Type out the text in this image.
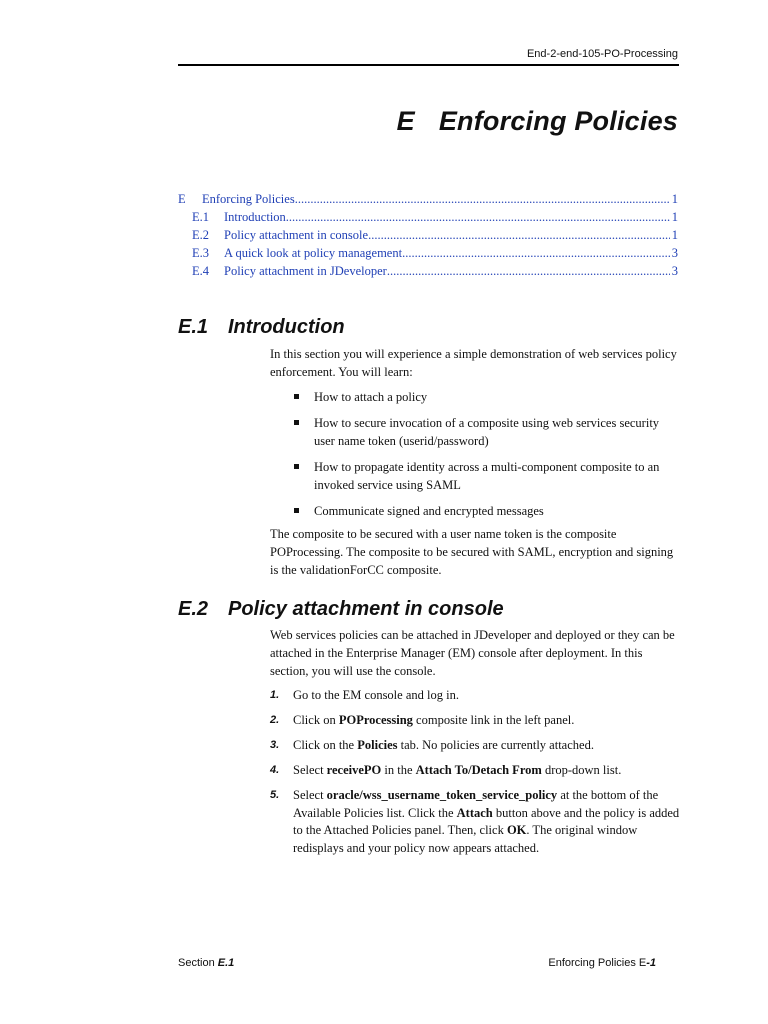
End-2-end-105-PO-Processing
E Enforcing Policies
E	Enforcing Policies .....	1
E.1	Introduction .....	1
E.2	Policy attachment in console .....	1
E.3	A quick look at policy management .....	3
E.4	Policy attachment in JDeveloper .....	3
E.1 Introduction

In this section you will experience a simple demonstration of web services policy enforcement. You will learn:

How to attach a policy
How to secure invocation of a composite using web services security user name token (userid/password)
How to propagate identity across a multi-component composite to an invoked service using SAML
Communicate signed and encrypted messages

The composite to be secured with a user name token is the composite POProcessing. The composite to be secured with SAML, encryption and signing is the validationForCC composite.

E.2 Policy attachment in console

Web services policies can be attached in JDeveloper and deployed or they can be attached in the Enterprise Manager (EM) console after deployment. In this section, you will use the console.

1. Go to the EM console and log in.
2. Click on POProcessing composite link in the left panel.
3. Click on the Policies tab. No policies are currently attached.
4. Select receivePO in the Attach To/Detach From drop-down list.
5. Select oracle/wss_username_token_service_policy at the bottom of the Available Policies list. Click the Attach button above and the policy is added to the Attached Policies panel. Then, click OK. The original window redisplays and your policy now appears attached.
Section E.1	Enforcing Policies E-1
